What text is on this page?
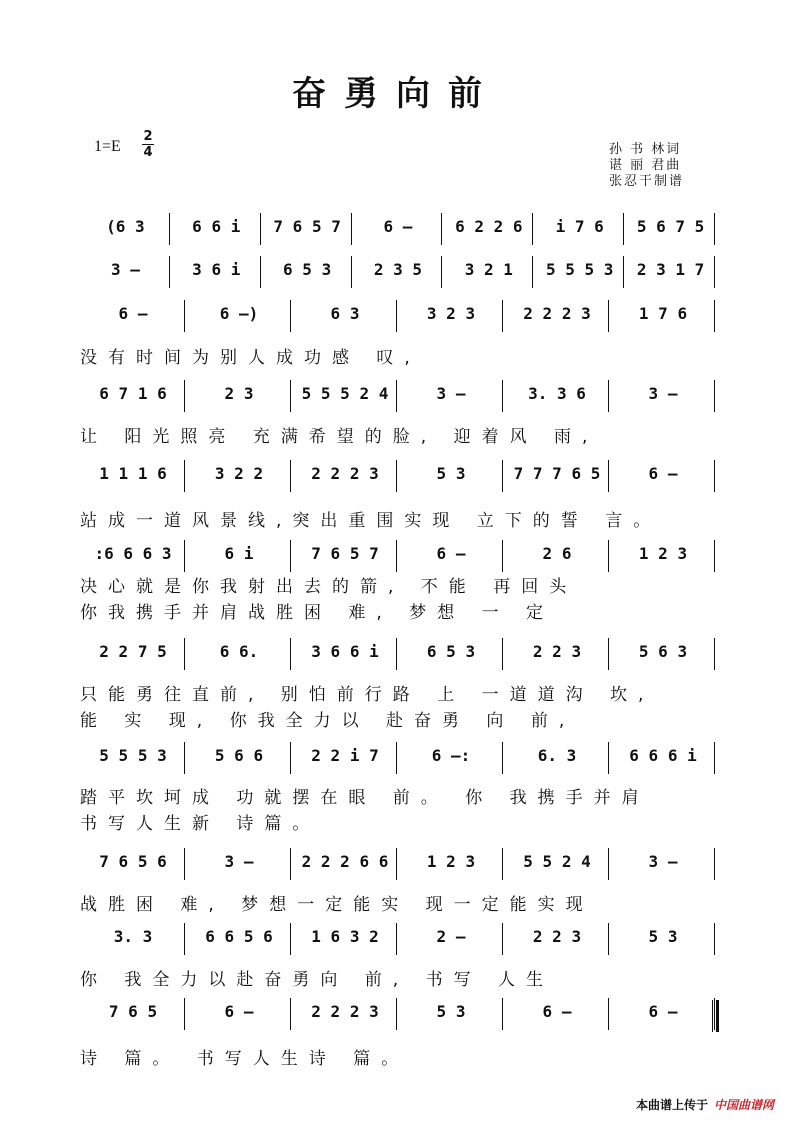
奋勇向前
1=E
2
4	孙 书 林词
谌 丽 君曲
张忍干制谱
(6 3	6 6 i	7 6 5 7	6 –	6 2 2 6	i 7 6	5 6 7 5
3 –	3 6 i	6 5 3	2 3 5	3 2 1	5 5 5 3	2 3 1 7
6 –	6 –)	6 3	3 2 3	2 2 2 3	1 7 6
没有时间为别人成功感 叹,
6 7 1 6	2 3	5 5 5 2 4	3 –	3. 3 6	3 –
让 阳光照亮 充满希望的脸, 迎着风 雨,
1 1 1 6	3 2 2	2 2 2 3	5 3	7 7 7 6 5	6 –
站成一道风景线,突出重围实现 立下的誓 言。
:6 6 6 3	6 i	7 6 5 7	6 –	2 6	1 2 3
决心就是你我射出去的箭, 不能 再回头
你我携手并肩战胜困 难, 梦想 一 定
2 2 7 5	6 6.	3 6 6 i	6 5 3	2 2 3	5 6 3
只能勇往直前, 别怕前行路 上 一道道沟 坎,
能 实 现, 你我全力以 赴奋勇 向 前,
5 5 5 3	5 6 6	2 2 i 7	6 –:	6. 3	6 6 6 i
踏平坎坷成 功就摆在眼 前。 你 我携手并肩
书写人生新 诗篇。
7 6 5 6	3 –	2 2 2 6 6	1 2 3	5 5 2 4	3 –
战胜困 难, 梦想一定能实 现一定能实现
3. 3	6 6 5 6	1 6 3 2	2 –	2 2 3	5 3
你 我全力以赴奋勇向 前, 书写 人生
7 6 5	6 –	2 2 2 3	5 3	6 –	6 –
诗 篇。 书写人生诗 篇。
本曲谱上传于 中国曲谱网
